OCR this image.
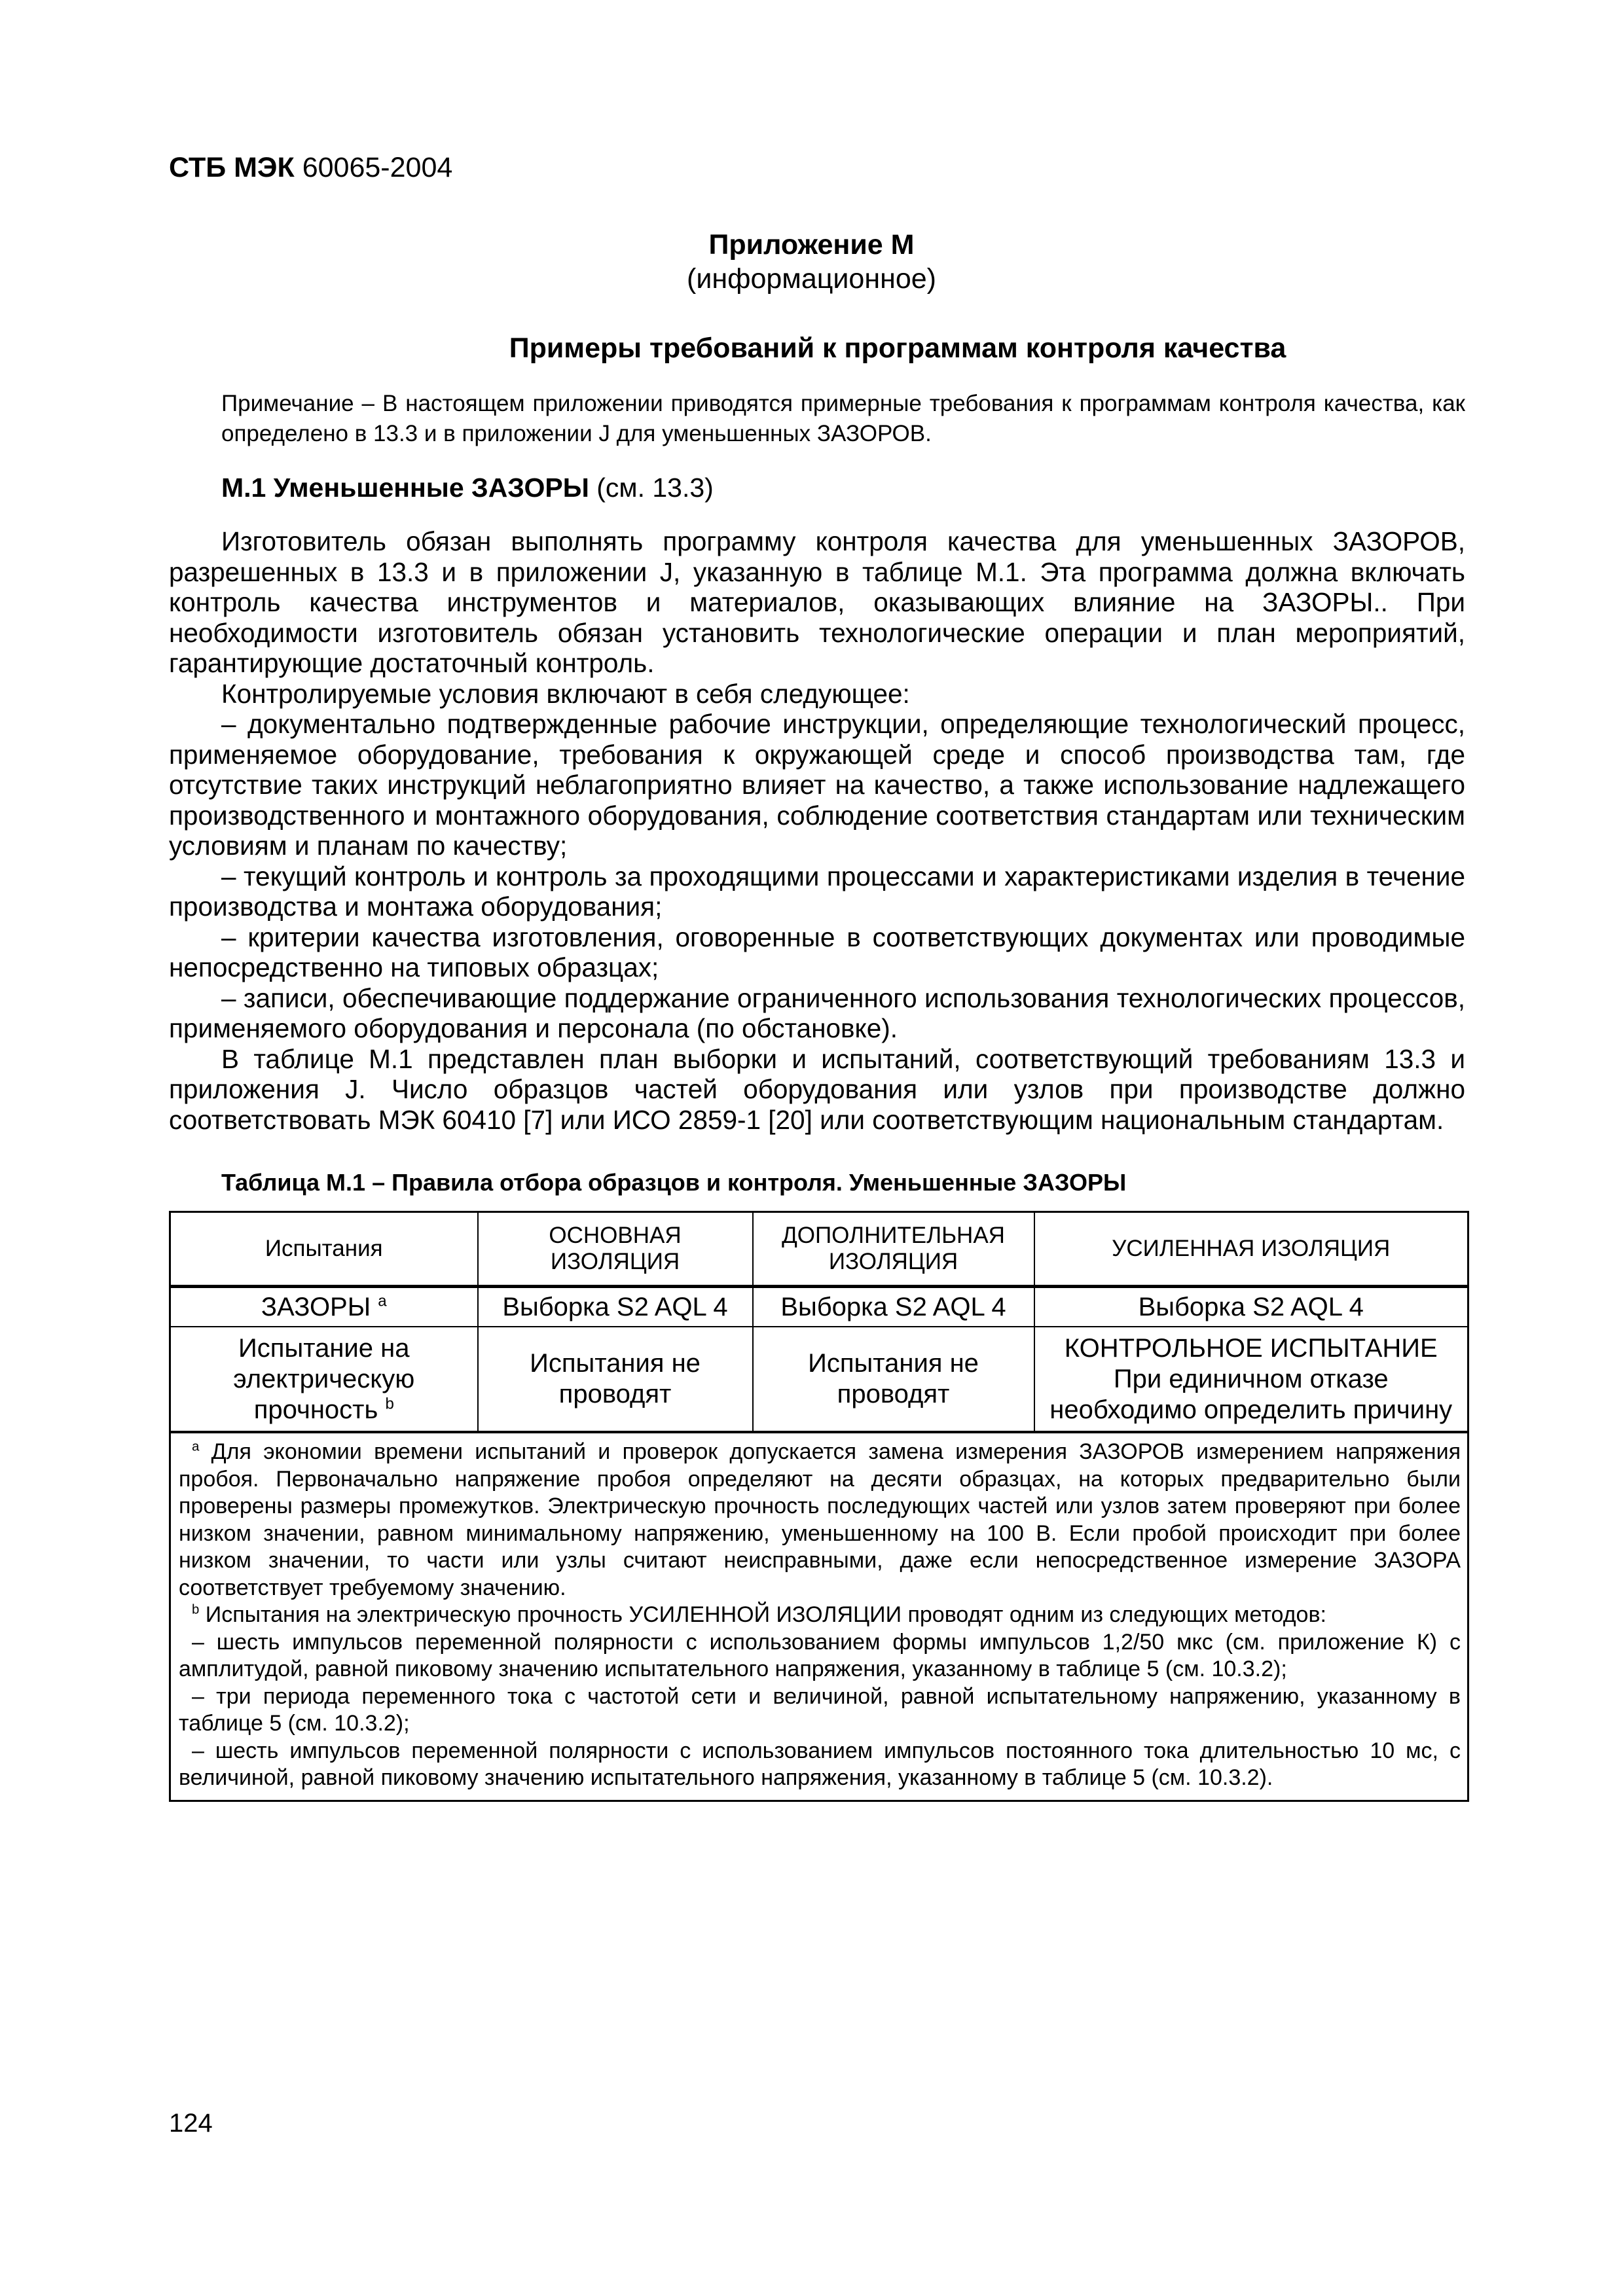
СТБ МЭК 60065-2004
Приложение М
(информационное)
Примеры требований к программам контроля качества
Примечание – В настоящем приложении приводятся примерные требования к программам контроля качества, как определено в 13.3 и в приложении J для уменьшенных ЗАЗОРОВ.
М.1 Уменьшенные ЗАЗОРЫ (см. 13.3)

Изготовитель обязан выполнять программу контроля качества для уменьшенных ЗАЗОРОВ, разрешенных в 13.3 и в приложении J, указанную в таблице М.1. Эта программа должна включать контроль качества инструментов и материалов, оказывающих влияние на ЗАЗОРЫ.. При необходимости изготовитель обязан установить технологические операции и план мероприятий, гарантирующие достаточный контроль.

Контролируемые условия включают в себя следующее:

– документально подтвержденные рабочие инструкции, определяющие технологический процесс, применяемое оборудование, требования к окружающей среде и способ производства там, где отсутствие таких инструкций неблагоприятно влияет на качество, а также использование надлежащего производственного и монтажного оборудования, соблюдение соответствия стандартам или техническим условиям и планам по качеству;

– текущий контроль и контроль за проходящими процессами и характеристиками изделия в течение производства и монтажа оборудования;

– критерии качества изготовления, оговоренные в соответствующих документах или проводимые непосредственно на типовых образцах;

– записи, обеспечивающие поддержание ограниченного использования технологических процессов, применяемого оборудования и персонала (по обстановке).

В таблице М.1 представлен план выборки и испытаний, соответствующий требованиям 13.3 и приложения J. Число образцов частей оборудования или узлов при производстве должно соответствовать МЭК 60410 [7] или ИСО 2859-1 [20] или соответствующим национальным стандартам.

Таблица М.1 – Правила отбора образцов и контроля. Уменьшенные ЗАЗОРЫ
Испытания	ОСНОВНАЯ ИЗОЛЯЦИЯ	ДОПОЛНИТЕЛЬНАЯ ИЗОЛЯЦИЯ	УСИЛЕННАЯ ИЗОЛЯЦИЯ
ЗАЗОРЫ $^а$	Выборка S2 AQL 4	Выборка S2 AQL 4	Выборка S2 AQL 4
Испытание на электрическую прочность $^b$	Испытания не проводят	Испытания не проводят	КОНТРОЛЬНОЕ ИСПЫТАНИЕ
При единичном отказе необходимо определить причину

$^а$ Для экономии времени испытаний и проверок допускается замена измерения ЗАЗОРОВ измерением напряжения пробоя. Первоначально напряжение пробоя определяют на десяти образцах, на которых предварительно были проверены размеры промежутков. Электрическую прочность последующих частей или узлов затем проверяют при более низком значении, равном минимальному напряжению, уменьшенному на 100 В. Если пробой происходит при более низком значении, то части или узлы считают неисправными, даже если непосредственное измерение ЗАЗОРА соответствует требуемому значению.

$^b$ Испытания на электрическую прочность УСИЛЕННОЙ ИЗОЛЯЦИИ проводят одним из следующих методов:

– шесть импульсов переменной полярности с использованием формы импульсов 1,2/50 мкс (см. приложение К) с амплитудой, равной пиковому значению испытательного напряжения, указанному в таблице 5 (см. 10.3.2);

– три периода переменного тока с частотой сети и величиной, равной испытательному напряжению, указанному в таблице 5 (см. 10.3.2);

– шесть импульсов переменной полярности с использованием импульсов постоянного тока длительностью 10 мс, с величиной, равной пиковому значению испытательного напряжения, указанному в таблице 5 (см. 10.3.2).			

124
